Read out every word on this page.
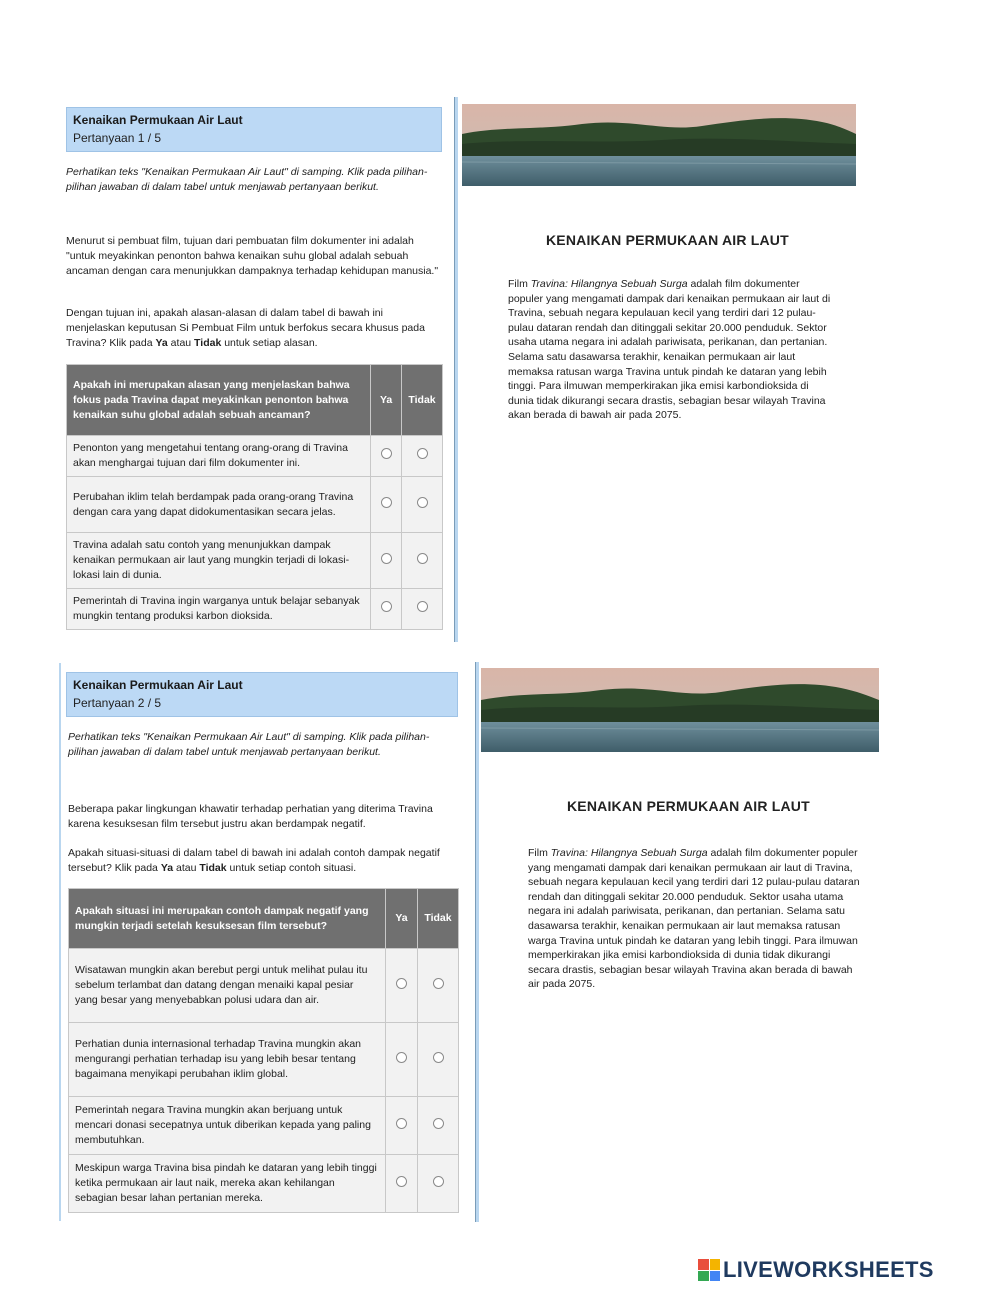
Kenaikan Permukaan Air Laut
Pertanyaan 1 / 5
Perhatikan teks "Kenaikan Permukaan Air Laut" di samping. Klik pada pilihan-pilihan jawaban di dalam tabel untuk menjawab pertanyaan berikut.
Menurut si pembuat film, tujuan dari pembuatan film dokumenter ini adalah "untuk meyakinkan penonton bahwa kenaikan suhu global adalah sebuah ancaman dengan cara menunjukkan dampaknya terhadap kehidupan manusia."
Dengan tujuan ini, apakah alasan-alasan di dalam tabel di bawah ini menjelaskan keputusan Si Pembuat Film untuk berfokus secara khusus pada Travina? Klik pada Ya atau Tidak untuk setiap alasan.
Apakah ini merupakan alasan yang menjelaskan bahwa fokus pada Travina dapat meyakinkan penonton bahwa kenaikan suhu global adalah sebuah ancaman?	Ya	Tidak
Penonton yang mengetahui tentang orang-orang di Travina akan menghargai tujuan dari film dokumenter ini.		
Perubahan iklim telah berdampak pada orang-orang Travina dengan cara yang dapat didokumentasikan secara jelas.		
Travina adalah satu contoh yang menunjukkan dampak kenaikan permukaan air laut yang mungkin terjadi di lokasi-lokasi lain di dunia.		
Pemerintah di Travina ingin warganya untuk belajar sebanyak mungkin tentang produksi karbon dioksida.		
KENAIKAN PERMUKAAN AIR LAUT
Film Travina: Hilangnya Sebuah Surga adalah film dokumenter populer yang mengamati dampak dari kenaikan permukaan air laut di Travina, sebuah negara kepulauan kecil yang terdiri dari 12 pulau-pulau dataran rendah dan ditinggali sekitar 20.000 penduduk. Sektor usaha utama negara ini adalah pariwisata, perikanan, dan pertanian. Selama satu dasawarsa terakhir, kenaikan permukaan air laut memaksa ratusan warga Travina untuk pindah ke dataran yang lebih tinggi. Para ilmuwan memperkirakan jika emisi karbondioksida di dunia tidak dikurangi secara drastis, sebagian besar wilayah Travina akan berada di bawah air pada 2075.
Kenaikan Permukaan Air Laut
Pertanyaan 2 / 5
Perhatikan teks "Kenaikan Permukaan Air Laut" di samping. Klik pada pilihan-pilihan jawaban di dalam tabel untuk menjawab pertanyaan berikut.
Beberapa pakar lingkungan khawatir terhadap perhatian yang diterima Travina karena kesuksesan film tersebut justru akan berdampak negatif.
Apakah situasi-situasi di dalam tabel di bawah ini adalah contoh dampak negatif tersebut? Klik pada Ya atau Tidak untuk setiap contoh situasi.
Apakah situasi ini merupakan contoh dampak negatif yang mungkin terjadi setelah kesuksesan film tersebut?	Ya	Tidak
Wisatawan mungkin akan berebut pergi untuk melihat pulau itu sebelum terlambat dan datang dengan menaiki kapal pesiar yang besar yang menyebabkan polusi udara dan air.		
Perhatian dunia internasional terhadap Travina mungkin akan mengurangi perhatian terhadap isu yang lebih besar tentang bagaimana menyikapi perubahan iklim global.		
Pemerintah negara Travina mungkin akan berjuang untuk mencari donasi secepatnya untuk diberikan kepada yang paling membutuhkan.		
Meskipun warga Travina bisa pindah ke dataran yang lebih tinggi ketika permukaan air laut naik, mereka akan kehilangan sebagian besar lahan pertanian mereka.		
KENAIKAN PERMUKAAN AIR LAUT
Film Travina: Hilangnya Sebuah Surga adalah film dokumenter populer yang mengamati dampak dari kenaikan permukaan air laut di Travina, sebuah negara kepulauan kecil yang terdiri dari 12 pulau-pulau dataran rendah dan ditinggali sekitar 20.000 penduduk. Sektor usaha utama negara ini adalah pariwisata, perikanan, dan pertanian. Selama satu dasawarsa terakhir, kenaikan permukaan air laut memaksa ratusan warga Travina untuk pindah ke dataran yang lebih tinggi. Para ilmuwan memperkirakan jika emisi karbondioksida di dunia tidak dikurangi secara drastis, sebagian besar wilayah Travina akan berada di bawah air pada 2075.
LIVEWORKSHEETS
